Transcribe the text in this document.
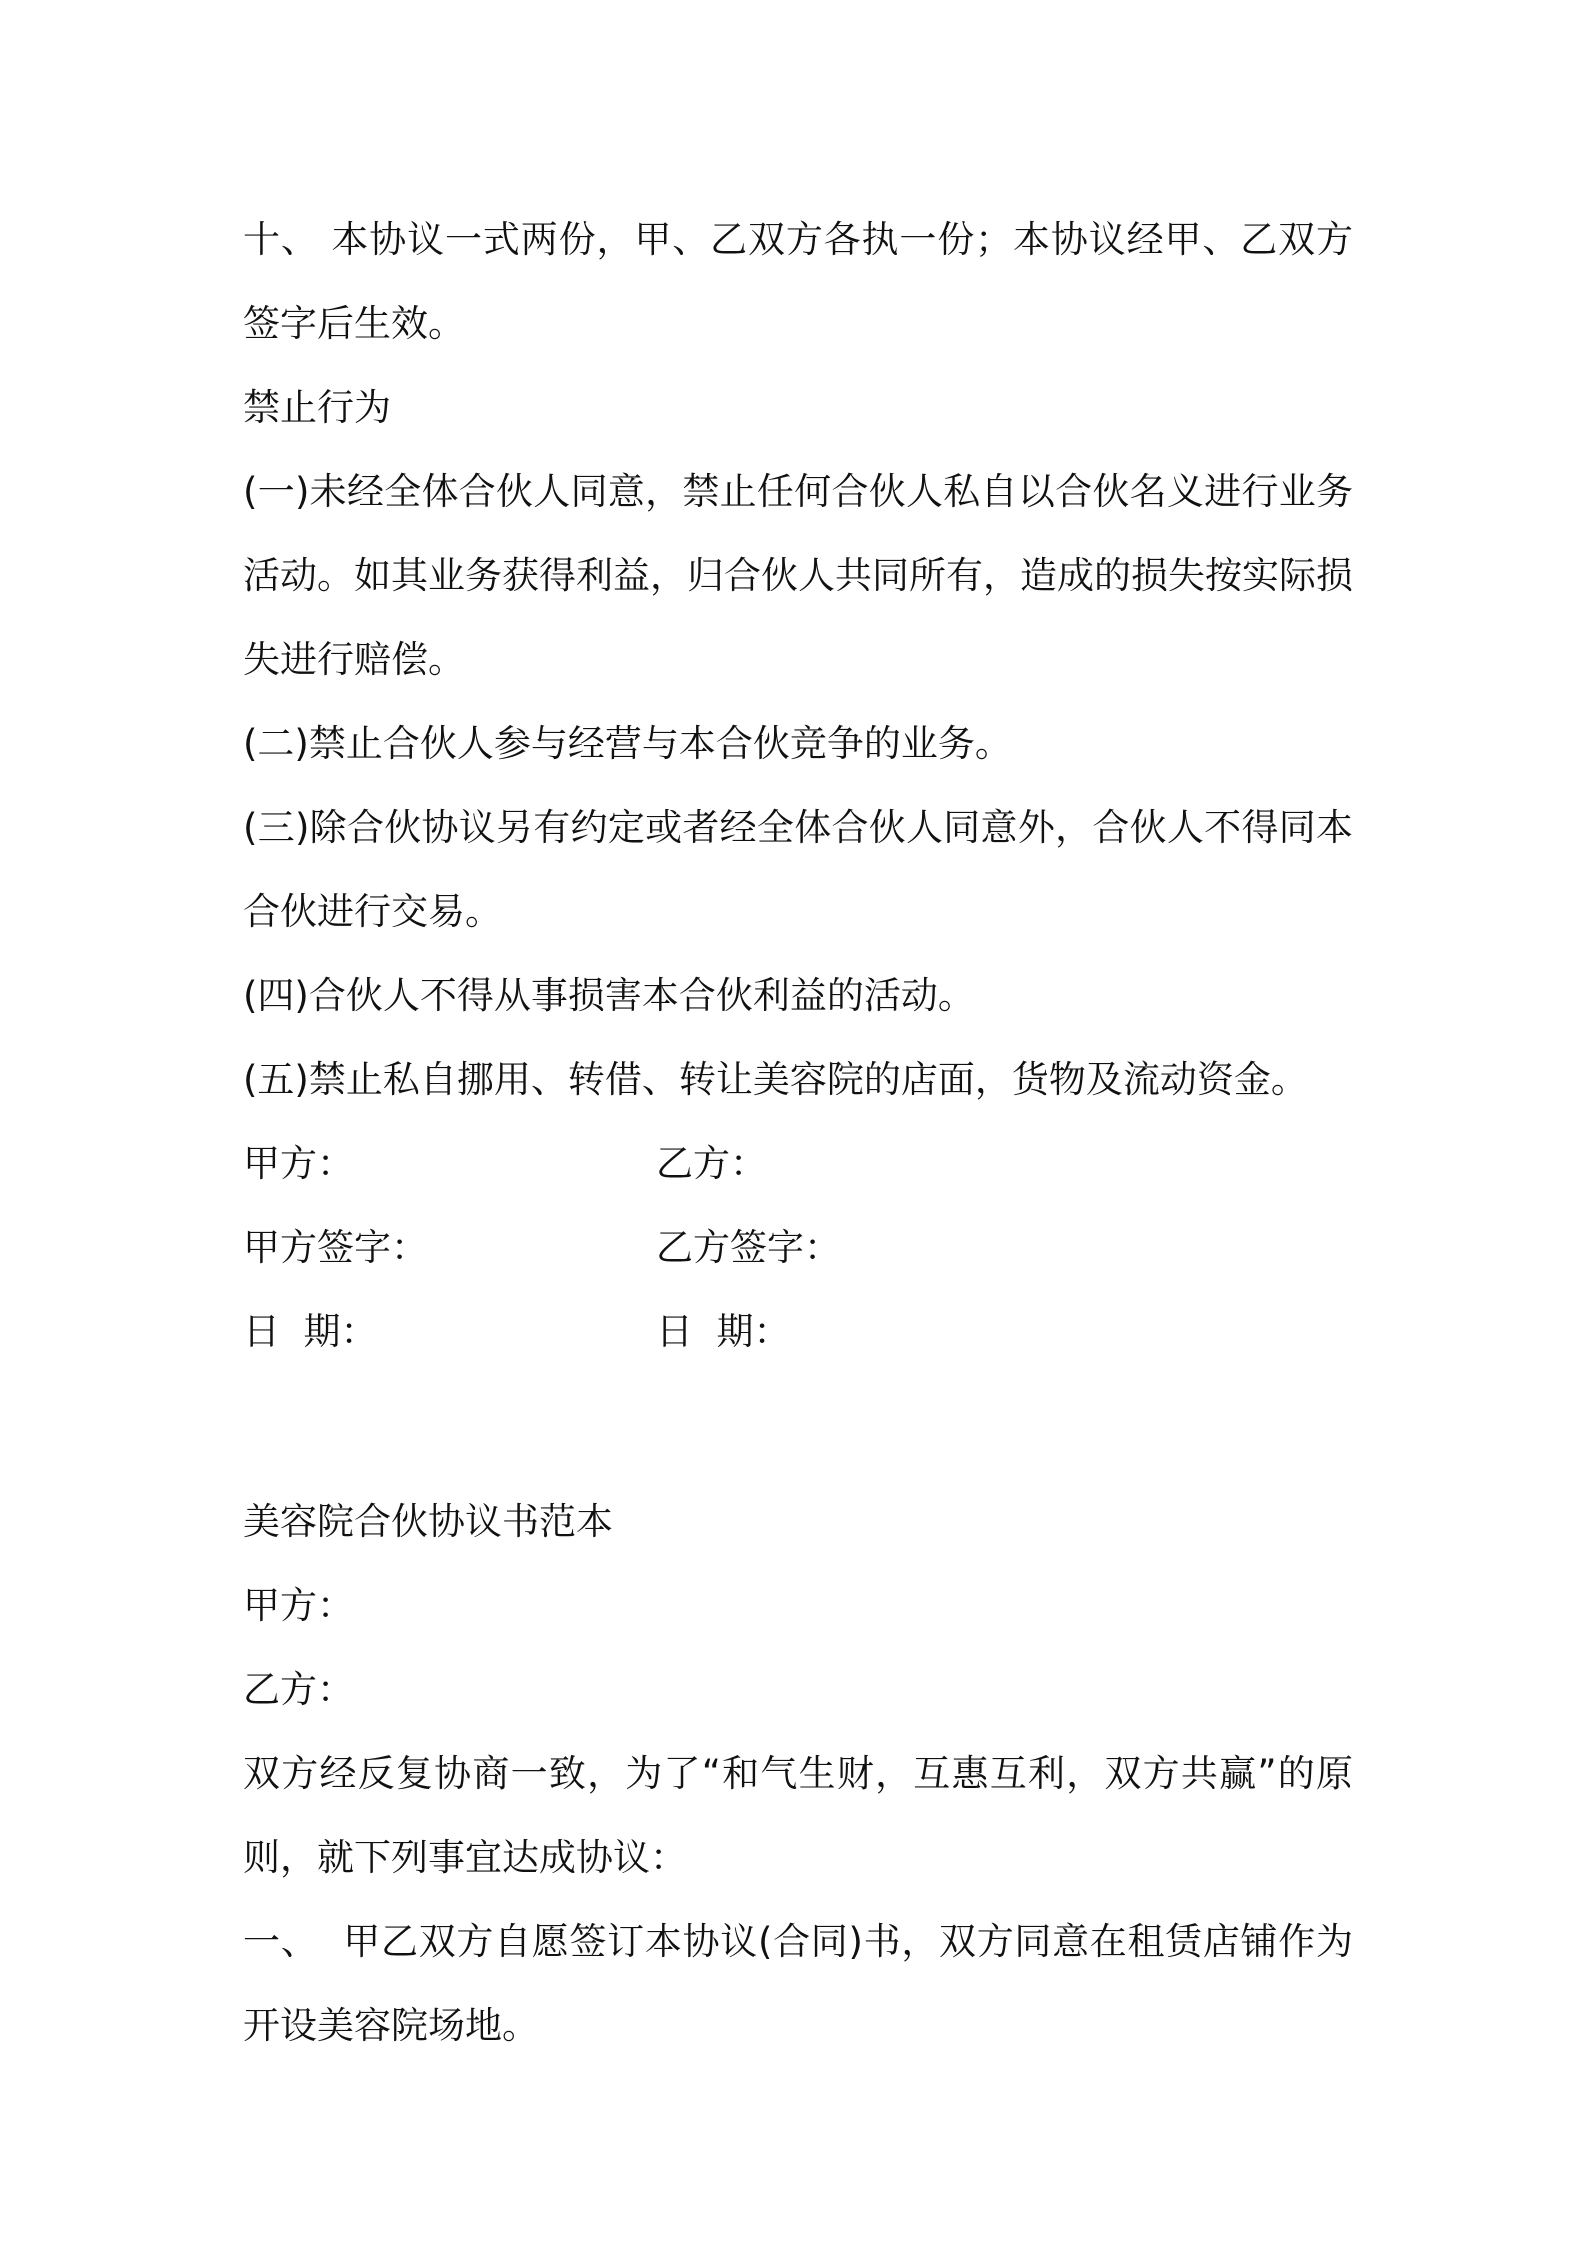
十、 本协议一式两份，甲、乙双方各执一份；本协议经甲、乙双方签字后生效。

禁止行为

(一)未经全体合伙人同意，禁止任何合伙人私自以合伙名义进行业务活动。如其业务获得利益，归合伙人共同所有，造成的损失按实际损失进行赔偿。

(二)禁止合伙人参与经营与本合伙竞争的业务。

(三)除合伙协议另有约定或者经全体合伙人同意外，合伙人不得同本合伙进行交易。

(四)合伙人不得从事损害本合伙利益的活动。

(五)禁止私自挪用、转借、转让美容院的店面，货物及流动资金。

甲方：	乙方：
甲方签字：	乙方签字：
日  期：	日  期：

美容院合伙协议书范本

甲方：

乙方：

双方经反复协商一致，为了“和气生财，互惠互利，双方共赢”的原则，就下列事宜达成协议：

一、  甲乙双方自愿签订本协议(合同)书，双方同意在租赁店铺作为开设美容院场地。
